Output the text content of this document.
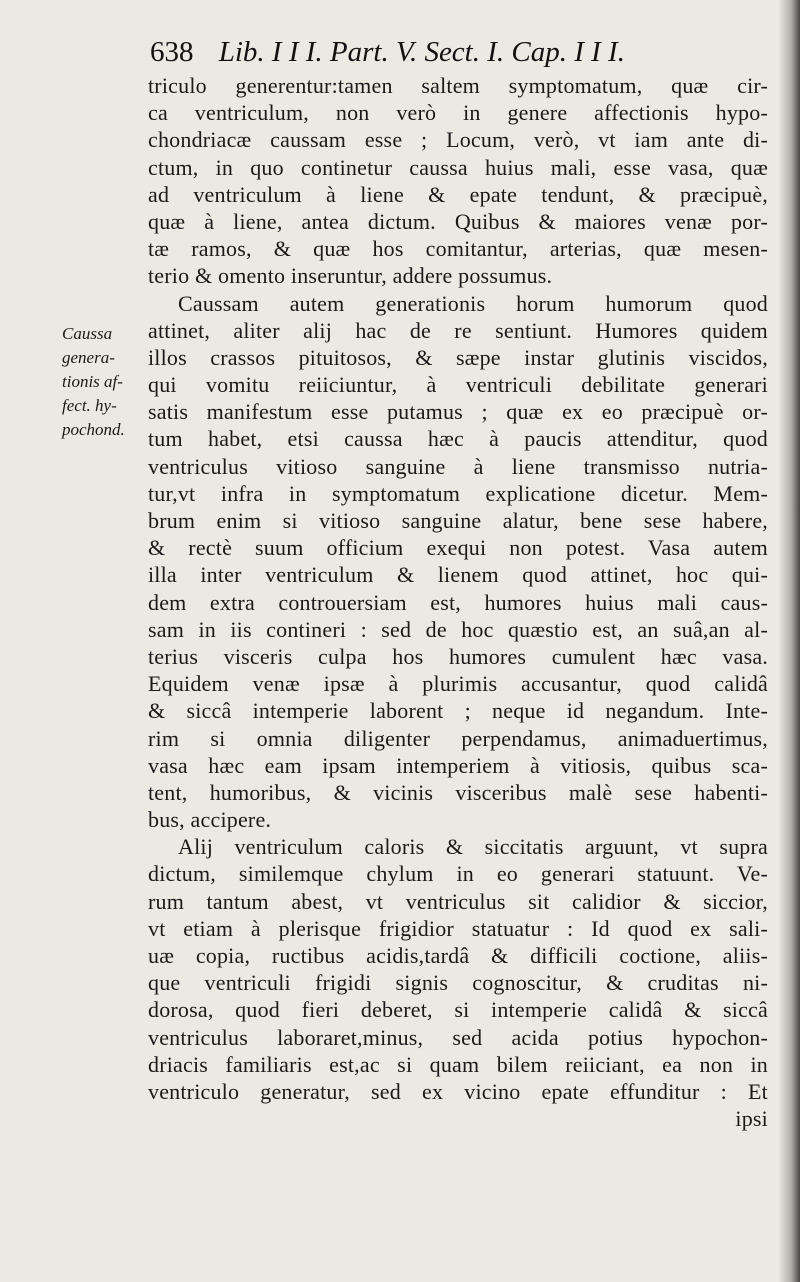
638 Lib. I I I. Part. V. Sect. I. Cap. I I I.
Caussa
genera-
tionis af-
fect. hy-
pochond.
triculo generentur:tamen saltem symptomatum, quæ cir-
ca ventriculum, non verò in genere affectionis hypo-
chondriacæ caussam esse ; Locum, verò, vt iam ante di-
ctum, in quo continetur caussa huius mali, esse vasa, quæ
ad ventriculum à liene & epate tendunt, & præcipuè,
quæ à liene, antea dictum. Quibus & maiores venæ por-
tæ ramos, & quæ hos comitantur, arterias, quæ mesen-
terio & omento inseruntur, addere possumus.
Caussam autem generationis horum humorum quod
attinet, aliter alij hac de re sentiunt. Humores quidem
illos crassos pituitosos, & sæpe instar glutinis viscidos,
qui vomitu reiiciuntur, à ventriculi debilitate generari
satis manifestum esse putamus ; quæ ex eo præcipuè or-
tum habet, etsi caussa hæc à paucis attenditur, quod
ventriculus vitioso sanguine à liene transmisso nutria-
tur,vt infra in symptomatum explicatione dicetur. Mem-
brum enim si vitioso sanguine alatur, bene sese habere,
& rectè suum officium exequi non potest. Vasa autem
illa inter ventriculum & lienem quod attinet, hoc qui-
dem extra controuersiam est, humores huius mali caus-
sam in iis contineri : sed de hoc quæstio est, an suâ,an al-
terius visceris culpa hos humores cumulent hæc vasa.
Equidem venæ ipsæ à plurimis accusantur, quod calidâ
& siccâ intemperie laborent ; neque id negandum. Inte-
rim si omnia diligenter perpendamus, animaduertimus,
vasa hæc eam ipsam intemperiem à vitiosis, quibus sca-
tent, humoribus, & vicinis visceribus malè sese habenti-
bus, accipere.
Alij ventriculum caloris & siccitatis arguunt, vt supra
dictum, similemque chylum in eo generari statuunt. Ve-
rum tantum abest, vt ventriculus sit calidior & siccior,
vt etiam à plerisque frigidior statuatur : Id quod ex sali-
uæ copia, ructibus acidis,tardâ & difficili coctione, aliis-
que ventriculi frigidi signis cognoscitur, & cruditas ni-
dorosa, quod fieri deberet, si intemperie calidâ & siccâ
ventriculus laboraret,minus, sed acida potius hypochon-
driacis familiaris est,ac si quam bilem reiiciant, ea non in
ventriculo generatur, sed ex vicino epate effunditur : Et
ipsi
